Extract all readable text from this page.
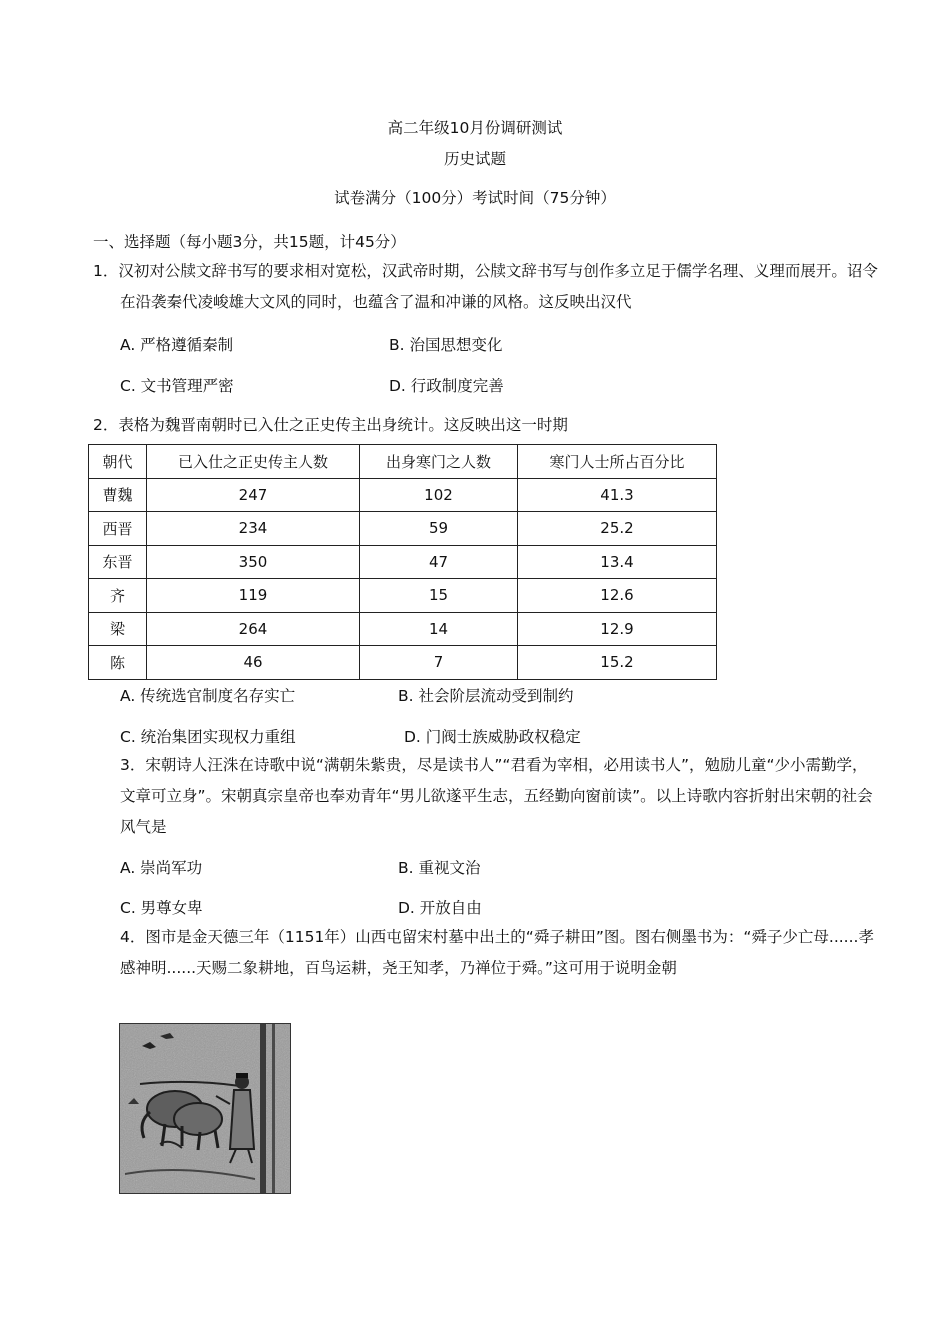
高二年级10月份调研测试
历史试题
试卷满分（100分）考试时间（75分钟）
一、选择题（每小题3分，共15题，计45分）
1．汉初对公牍文辞书写的要求相对宽松，汉武帝时期，公牍文辞书写与创作多立足于儒学名理、义理而展开。诏令在沿袭秦代凌峻雄大文风的同时，也蕴含了温和冲谦的风格。这反映出汉代
A. 严格遵循秦制	B. 治国思想变化
C. 文书管理严密	D. 行政制度完善
2．表格为魏晋南朝时已入仕之正史传主出身统计。这反映出这一时期
朝代	已入仕之正史传主人数	出身寒门之人数	寒门人士所占百分比
曹魏	247	102	41.3
西晋	234	59	25.2
东晋	350	47	13.4
齐	119	15	12.6
梁	264	14	12.9
陈	46	7	15.2
A. 传统选官制度名存实亡	B. 社会阶层流动受到制约
C. 统治集团实现权力重组	D. 门阀士族威胁政权稳定
3．宋朝诗人汪洙在诗歌中说“满朝朱紫贵，尽是读书人”“君看为宰相，必用读书人”，勉励儿童“少小需勤学，文章可立身”。宋朝真宗皇帝也奉劝青年“男儿欲遂平生志，五经勤向窗前读”。以上诗歌内容折射出宋朝的社会风气是
A. 崇尚军功	B. 重视文治
C. 男尊女卑	D. 开放自由
4．图市是金天德三年（1151年）山西屯留宋村墓中出土的“舜子耕田”图。图右侧墨书为：“舜子少亡母......孝感神明......天赐二象耕地，百鸟运耕，尧王知孝，乃禅位于舜。”这可用于说明金朝
